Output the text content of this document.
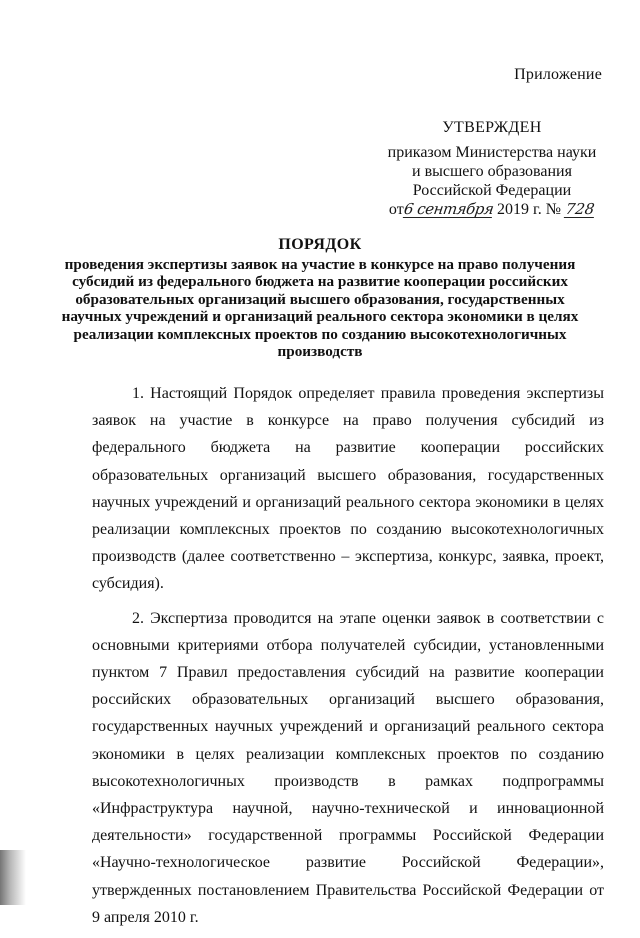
Приложение
УТВЕРЖДЕН
приказом Министерства науки
и высшего образования
Российской Федерации
от6 сентября 2019 г. № 728
ПОРЯДОК
проведения экспертизы заявок на участие в конкурсе на право получения субсидий из федерального бюджета на развитие кооперации российских образовательных организаций высшего образования, государственных научных учреждений и организаций реального сектора экономики в целях реализации комплексных проектов по созданию высокотехнологичных производств

1. Настоящий Порядок определяет правила проведения экспертизы заявок на участие в конкурсе на право получения субсидий из федерального бюджета на развитие кооперации российских образовательных организаций высшего образования, государственных научных учреждений и организаций реального сектора экономики в целях реализации комплексных проектов по созданию высокотехнологичных производств (далее соответственно – экспертиза, конкурс, заявка, проект, субсидия).

2. Экспертиза проводится на этапе оценки заявок в соответствии с основными критериями отбора получателей субсидии, установленными пунктом 7 Правил предоставления субсидий на развитие кооперации российских образовательных организаций высшего образования, государственных научных учреждений и организаций реального сектора экономики в целях реализации комплексных проектов по созданию высокотехнологичных производств в рамках подпрограммы «Инфраструктура научной, научно-технической и инновационной деятельности» государственной программы Российской Федерации «Научно-технологическое развитие Российской Федерации», утвержденных постановлением Правительства Российской Федерации от 9 апреля 2010 г.
